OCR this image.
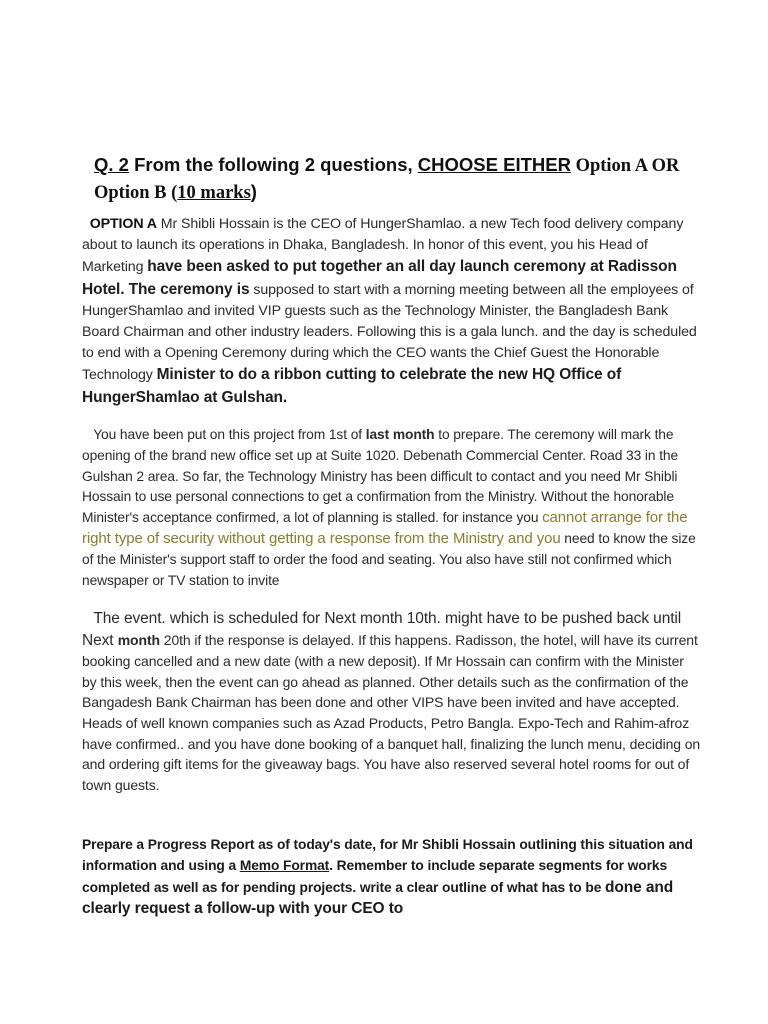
Q. 2 From the following 2 questions, CHOOSE EITHER Option A OR Option B (10 marks)
OPTION A Mr Shibli Hossain is the CEO of HungerShamlao. a new Tech food delivery company about to launch its operations in Dhaka, Bangladesh. In honor of this event, you his Head of Marketing have been asked to put together an all day launch ceremony at Radisson Hotel. The ceremony is supposed to start with a morning meeting between all the employees of HungerShamlao and invited VIP guests such as the Technology Minister, the Bangladesh Bank Board Chairman and other industry leaders. Following this is a gala lunch. and the day is scheduled to end with a Opening Ceremony during which the CEO wants the Chief Guest the Honorable Technology Minister to do a ribbon cutting to celebrate the new HQ Office of HungerShamlao at Gulshan.
You have been put on this project from 1st of last month to prepare. The ceremony will mark the opening of the brand new office set up at Suite 1020. Debenath Commercial Center. Road 33 in the Gulshan 2 area. So far, the Technology Ministry has been difficult to contact and you need Mr Shibli Hossain to use personal connections to get a confirmation from the Ministry. Without the honorable Minister's acceptance confirmed, a lot of planning is stalled. for instance you cannot arrange for the right type of security without getting a response from the Ministry and you need to know the size of the Minister's support staff to order the food and seating. You also have still not confirmed which newspaper or TV station to invite
The event. which is scheduled for Next month 10th. might have to be pushed back until Next month 20th if the response is delayed. If this happens. Radisson, the hotel, will have its current booking cancelled and a new date (with a new deposit). If Mr Hossain can confirm with the Minister by this week, then the event can go ahead as planned. Other details such as the confirmation of the Bangadesh Bank Chairman has been done and other VIPS have been invited and have accepted. Heads of well known companies such as Azad Products, Petro Bangla. Expo-Tech and Rahim-afroz have confirmed.. and you have done booking of a banquet hall, finalizing the lunch menu, deciding on and ordering gift items for the giveaway bags. You have also reserved several hotel rooms for out of town guests.
Prepare a Progress Report as of today's date, for Mr Shibli Hossain outlining this situation and information and using a Memo Format. Remember to include separate segments for works completed as well as for pending projects. write a clear outline of what has to be done and clearly request a follow-up with your CEO to
